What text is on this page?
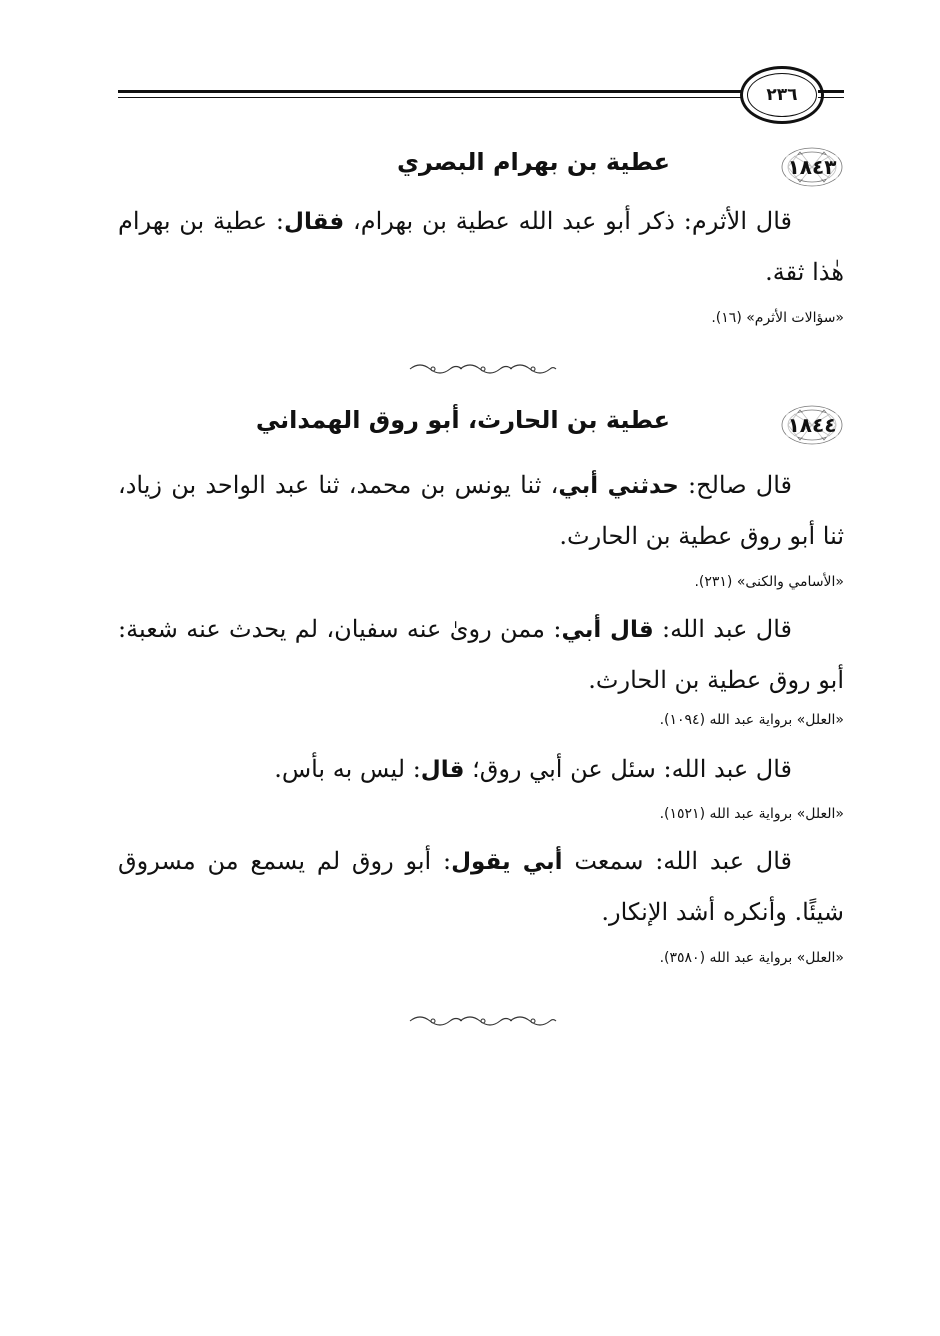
٢٣٦
١٨٤٣
عطية بن بهرام البصري
قال الأثرم: ذكر أبو عبد الله عطية بن بهرام، فقال: عطية بن بهرام هٰذا ثقة.
«سؤالات الأثرم» (١٦).
١٨٤٤
عطية بن الحارث، أبو روق الهمداني
قال صالح: حدثني أبي، ثنا يونس بن محمد، ثنا عبد الواحد بن زياد، ثنا أبو روق عطية بن الحارث.
«الأسامي والكنى» (٢٣١).
قال عبد الله: قال أبي: ممن روىٰ عنه سفيان، لم يحدث عنه شعبة: أبو روق عطية بن الحارث.
«العلل» برواية عبد الله (١٠٩٤).
قال عبد الله: سئل عن أبي روق؛ قال: ليس به بأس.
«العلل» برواية عبد الله (١٥٢١).
قال عبد الله: سمعت أبي يقول: أبو روق لم يسمع من مسروق شيئًا. وأنكره أشد الإنكار.
«العلل» برواية عبد الله (٣٥٨٠).
